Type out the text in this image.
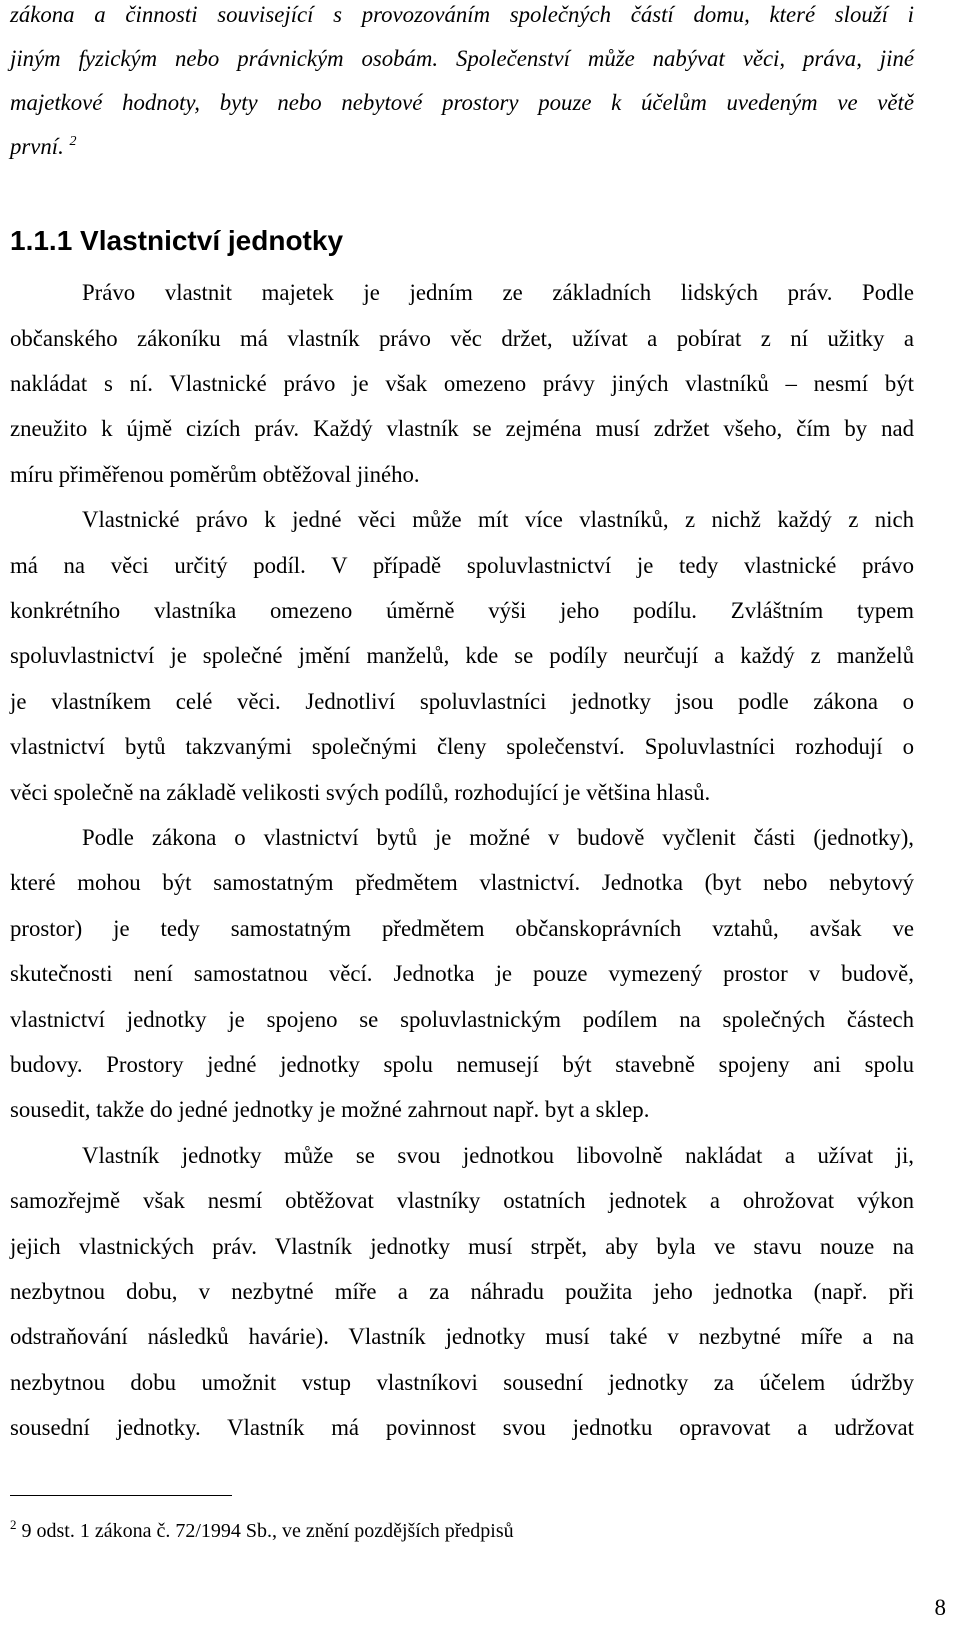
zákona a činnosti související s provozováním společných částí domu, které slouží i

jiným fyzickým nebo právnickým osobám. Společenství může nabývat věci, práva, jiné

majetkové hodnoty, byty nebo nebytové prostory pouze k účelům uvedeným ve větě

první. $^2$

1.1.1 Vlastnictví jednotky

Právo vlastnit majetek je jedním ze základních lidských práv. Podle

občanského zákoníku má vlastník právo věc držet, užívat a pobírat z ní užitky a

nakládat s ní. Vlastnické právo je však omezeno právy jiných vlastníků – nesmí být

zneužito k újmě cizích práv. Každý vlastník se zejména musí zdržet všeho, čím by nad

míru přiměřenou poměrům obtěžoval jiného.

Vlastnické právo k jedné věci může mít více vlastníků, z nichž každý z nich

má na věci určitý podíl. V případě spoluvlastnictví je tedy vlastnické právo

konkrétního vlastníka omezeno úměrně výši jeho podílu. Zvláštním typem

spoluvlastnictví je společné jmění manželů, kde se podíly neurčují a každý z manželů

je vlastníkem celé věci. Jednotliví spoluvlastníci jednotky jsou podle zákona o

vlastnictví bytů takzvanými společnými členy společenství. Spoluvlastníci rozhodují o

věci společně na základě velikosti svých podílů, rozhodující je většina hlasů.

Podle zákona o vlastnictví bytů je možné v budově vyčlenit části (jednotky),

které mohou být samostatným předmětem vlastnictví. Jednotka (byt nebo nebytový

prostor) je tedy samostatným předmětem občanskoprávních vztahů, avšak ve

skutečnosti není samostatnou věcí. Jednotka je pouze vymezený prostor v budově,

vlastnictví jednotky je spojeno se spoluvlastnickým podílem na společných částech

budovy. Prostory jedné jednotky spolu nemusejí být stavebně spojeny ani spolu

sousedit, takže do jedné jednotky je možné zahrnout např. byt a sklep.

Vlastník jednotky může se svou jednotkou libovolně nakládat a užívat ji,

samozřejmě však nesmí obtěžovat vlastníky ostatních jednotek a ohrožovat výkon

jejich vlastnických práv. Vlastník jednotky musí strpět, aby byla ve stavu nouze na

nezbytnou dobu, v nezbytné míře a za náhradu použita jeho jednotka (např. při

odstraňování následků havárie). Vlastník jednotky musí také v nezbytné míře a na

nezbytnou dobu umožnit vstup vlastníkovi sousední jednotky za účelem údržby

sousední jednotky. Vlastník má povinnost svou jednotku opravovat a udržovat

$^2$ 9 odst. 1 zákona č. 72/1994 Sb., ve znění pozdějších předpisů

8
